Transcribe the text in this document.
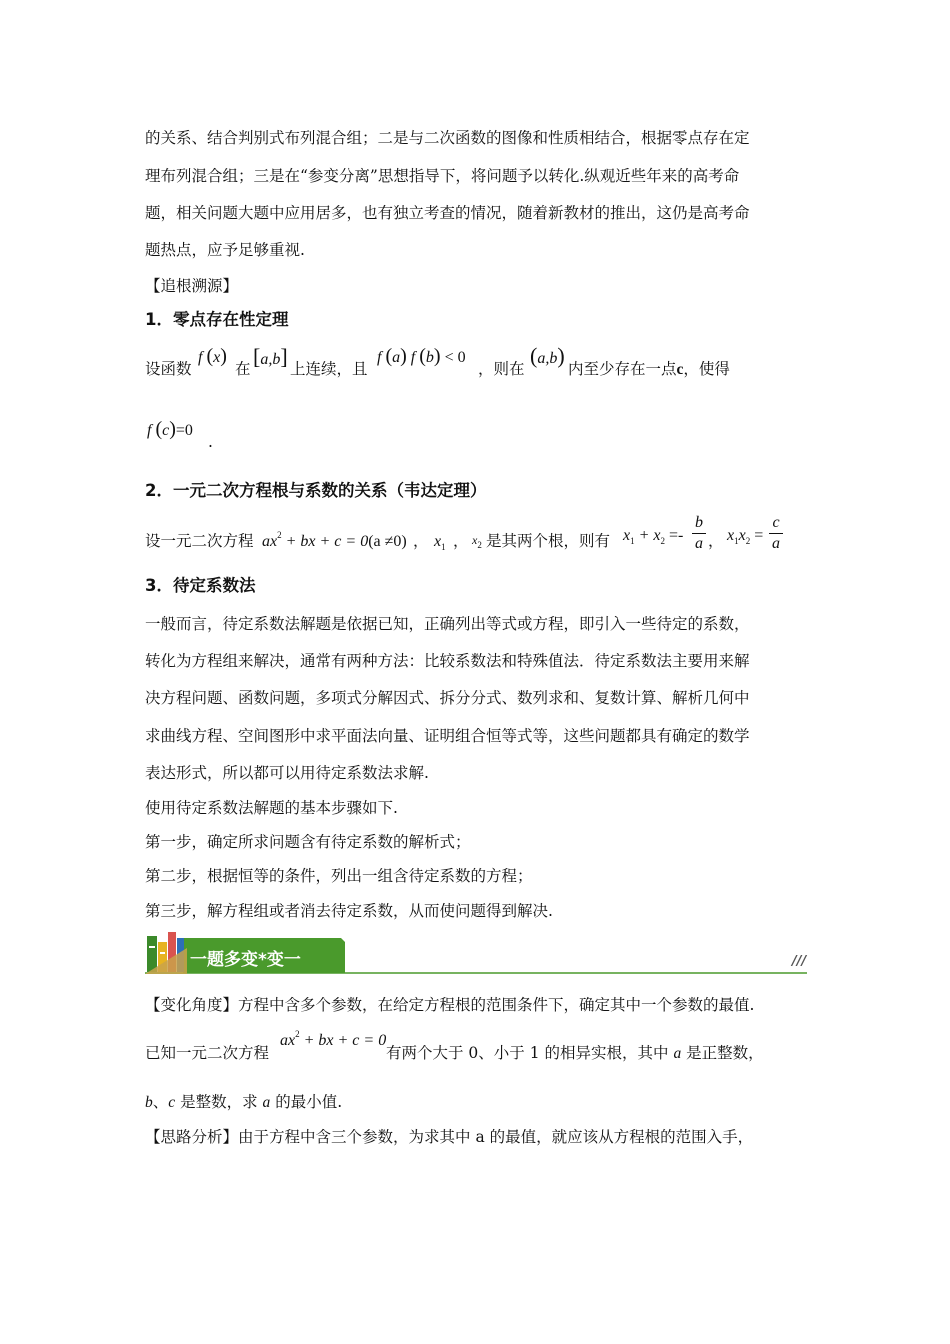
的关系、结合判别式布列混合组；二是与二次函数的图像和性质相结合，根据零点存在定
理布列混合组；三是在“参变分离”思想指导下，将问题予以转化.纵观近些年来的高考命
题，相关问题大题中应用居多，也有独立考查的情况，随着新教材的推出，这仍是高考命
题热点，应予足够重视.
【追根溯源】
1．零点存在性定理
设函数
f (x)
在 [a,b] 上连续，且
f (a) f (b) < 0
，则在
(a,b)
内至少存在一点c，使得
f (c)=0
.
2．一元二次方程根与系数的关系（韦达定理）
设一元二次方程 $ax^2$ + bx + c = 0(a ≠0) ， $x_1$ ， $x_2$ 是其两个根，则有 $x_1 + x_2$ =-
b
a ， $x_1x_2$ =
c
a
3．待定系数法
一般而言，待定系数法解题是依据已知，正确列出等式或方程，即引入一些待定的系数，
转化为方程组来解决，通常有两种方法：比较系数法和特殊值法．待定系数法主要用来解
决方程问题、函数问题，多项式分解因式、拆分分式、数列求和、复数计算、解析几何中
求曲线方程、空间图形中求平面法向量、证明组合恒等式等，这些问题都具有确定的数学
表达形式，所以都可以用待定系数法求解.
使用待定系数法解题的基本步骤如下.
第一步，确定所求问题含有待定系数的解析式；
第二步，根据恒等的条件，列出一组含待定系数的方程；
第三步，解方程组或者消去待定系数，从而使问题得到解决.
一题多变*变一	///
【变化角度】方程中含多个参数，在给定方程根的范围条件下，确定其中一个参数的最值.
已知一元二次方程
$ax^2$ + bx + c = 0
有两个大于 0、小于 1 的相异实根，其中 a 是正整数，
b、c 是整数，求 a 的最小值.
【思路分析】由于方程中含三个参数，为求其中 a 的最值，就应该从方程根的范围入手，
